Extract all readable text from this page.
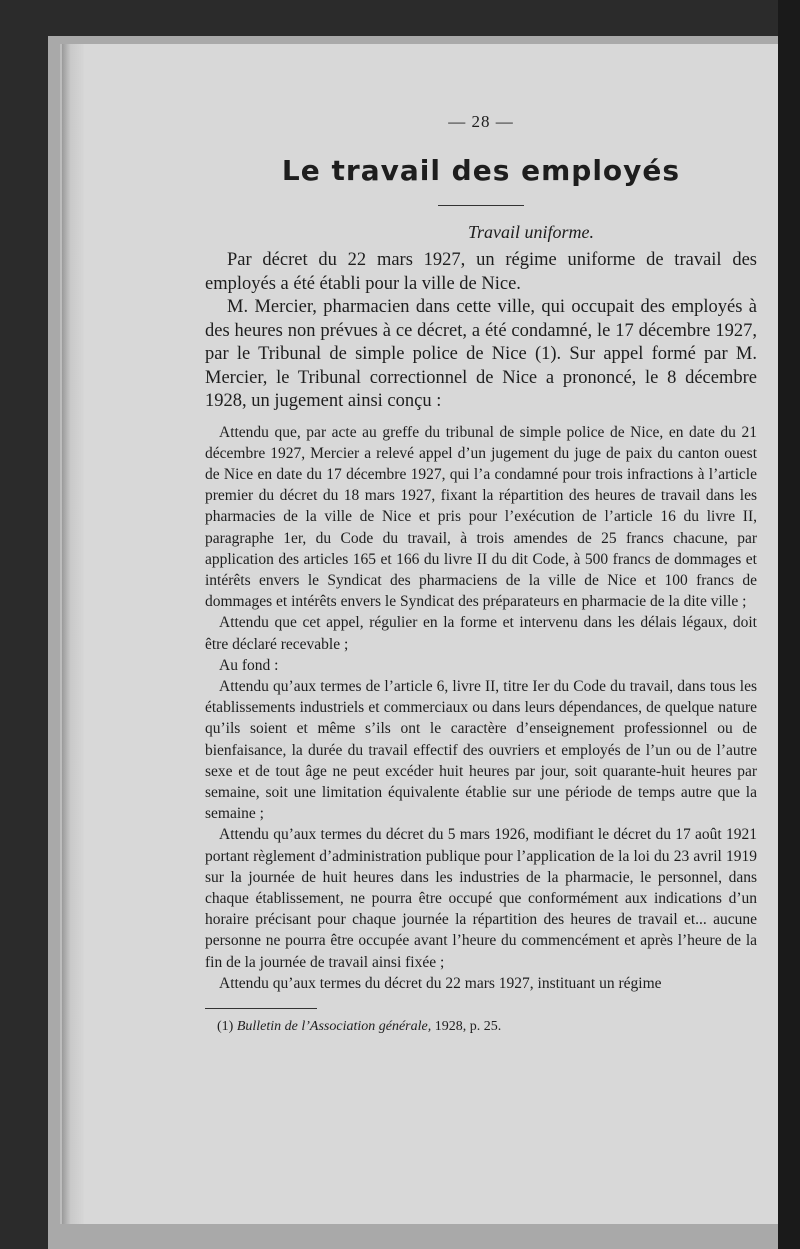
— 28 —
Le travail des employés
Travail uniforme.

Par décret du 22 mars 1927, un régime uniforme de travail des employés a été établi pour la ville de Nice.

M. Mercier, pharmacien dans cette ville, qui occupait des employés à des heures non prévues à ce décret, a été condamné, le 17 décembre 1927, par le Tribunal de simple police de Nice (1). Sur appel formé par M. Mercier, le Tribunal correctionnel de Nice a prononcé, le 8 décembre 1928, un jugement ainsi conçu :

Attendu que, par acte au greffe du tribunal de simple police de Nice, en date du 21 décembre 1927, Mercier a relevé appel d’un jugement du juge de paix du canton ouest de Nice en date du 17 décembre 1927, qui l’a condamné pour trois infractions à l’article premier du décret du 18 mars 1927, fixant la répartition des heures de travail dans les pharmacies de la ville de Nice et pris pour l’exécution de l’article 16 du livre II, paragraphe 1er, du Code du travail, à trois amendes de 25 francs chacune, par application des articles 165 et 166 du livre II du dit Code, à 500 francs de dommages et intérêts envers le Syndicat des pharmaciens de la ville de Nice et 100 francs de dommages et intérêts envers le Syndicat des préparateurs en pharmacie de la dite ville ;

Attendu que cet appel, régulier en la forme et intervenu dans les délais légaux, doit être déclaré recevable ;

Au fond :

Attendu qu’aux termes de l’article 6, livre II, titre Ier du Code du travail, dans tous les établissements industriels et commerciaux ou dans leurs dépendances, de quelque nature qu’ils soient et même s’ils ont le caractère d’enseignement professionnel ou de bienfaisance, la durée du travail effectif des ouvriers et employés de l’un ou de l’autre sexe et de tout âge ne peut excéder huit heures par jour, soit quarante-huit heures par semaine, soit une limitation équivalente établie sur une période de temps autre que la semaine ;

Attendu qu’aux termes du décret du 5 mars 1926, modifiant le décret du 17 août 1921 portant règlement d’administration publique pour l’application de la loi du 23 avril 1919 sur la journée de huit heures dans les industries de la pharmacie, le personnel, dans chaque établissement, ne pourra être occupé que conformément aux indications d’un horaire précisant pour chaque journée la répartition des heures de travail et... aucune personne ne pourra être occupée avant l’heure du commencément et après l’heure de la fin de la journée de travail ainsi fixée ;

Attendu qu’aux termes du décret du 22 mars 1927, instituant un régime

(1) Bulletin de l’Association générale, 1928, p. 25.
